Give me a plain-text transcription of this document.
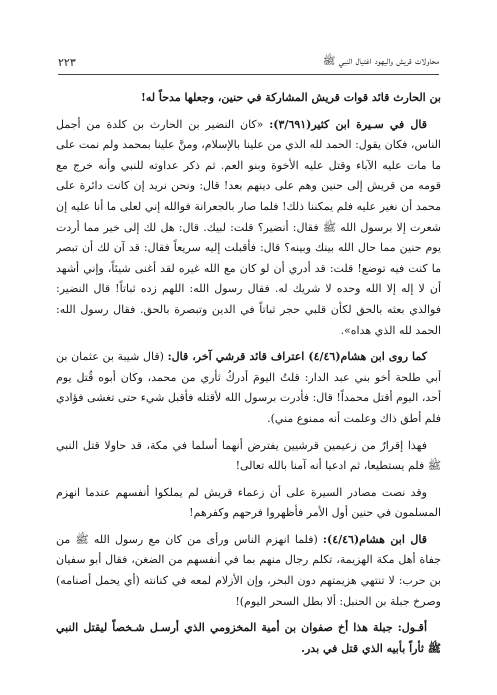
محاولات قريش واليهود اغتيال النبي ﷺ
٢٢٣

بن الحارث قائد قوات قريش المشاركة في حنين، وجعلها مدحاً له!

قال في سـيرة ابن كثير(٣/٦٩١): «كان النضير بن الحارث بن كلدة من أجمل الناس، فكان يقول: الحمد لله الذي من علينا بالإسلام، ومنَّ علينا بمحمد ولم نمت على ما مات عليه الآباء وقتل عليه الأخوة وبنو العم. ثم ذكر عداوته للنبي وأنه خرج مع قومه من قريش إلى حنين وهم على دينهم بعد! قال: ونحن نريد إن كانت دائرة على محمد أن نغير عليه فلم يمكننا ذلك! فلما صار بالجعرانة فوالله إني لعلى ما أنا عليه إن شعرت إلا برسول الله ﷺ فقال: أنضير؟ قلت: لبيك. قال: هل لك إلى خير مما أردت يوم حنين مما حال الله بينك وبينه؟ قال: فأقبلت إليه سريعاً فقال: قد آن لك أن تبصر ما كنت فيه توضع! قلت: قد أدري أن لو كان مع الله غيره لقد أغنى شيئاً، وإني أشهد أن لا إله إلا الله وحده لا شريك له. فقال رسول الله: اللهم زده ثباتاً! قال النضير: فوالذي بعثه بالحق لكأن قلبي حجر ثباتاً في الدين وتبصرة بالحق. فقال رسول الله: الحمد لله الذي هداه».

كما روى ابن هشام(٤/٤٦) اعتراف قائد قرشي آخر، قال: (قال شيبة بن عثمان بن أبي طلحة أخو بني عبد الدار: قلتُ اليومَ أدركُ ثأري من محمد، وكان أبوه قُتل يوم أحد، اليوم أقتل محمداً! قال: فأدرت برسول الله لأقتله فأقبل شيء حتى تغشى فؤادي فلم أطق ذاك وعلمت أنه ممنوع مني).

فهذا إقرارٌ من زعيمين قرشيين يفترض أنهما أسلما في مكة، قد حاولا قتل النبي ﷺ فلم يستطيعا، ثم ادعيا أنه آمنا بالله تعالى!

وقد نصت مصادر السيرة على أن زعماء قريش لم يملكوا أنفسهم عندما انهزم المسلمون في حنين أول الأمر فأظهروا فرحهم وكفرهم!

قال ابن هشام(٤/٤٦): (فلما انهزم الناس ورأى من كان مع رسول الله ﷺ من جفاة أهل مكة الهزيمة، تكلم رجال منهم بما في أنفسهم من الضغن، فقال أبو سفيان بن حرب: لا تنتهي هزيمتهم دون البحر، وإن الأزلام لمعه في كنانته (أي يحمل أصنامه) وصرخ جبلة بن الحنبل: ألا بطل السحر اليوم)!

أقـول: جبلة هذا أخ صفوان بن أمية المخزومي الذي أرسـل شـخصاً ليقتل النبي ﷺ ثأراً بأبيه الذي قتل في بدر.
